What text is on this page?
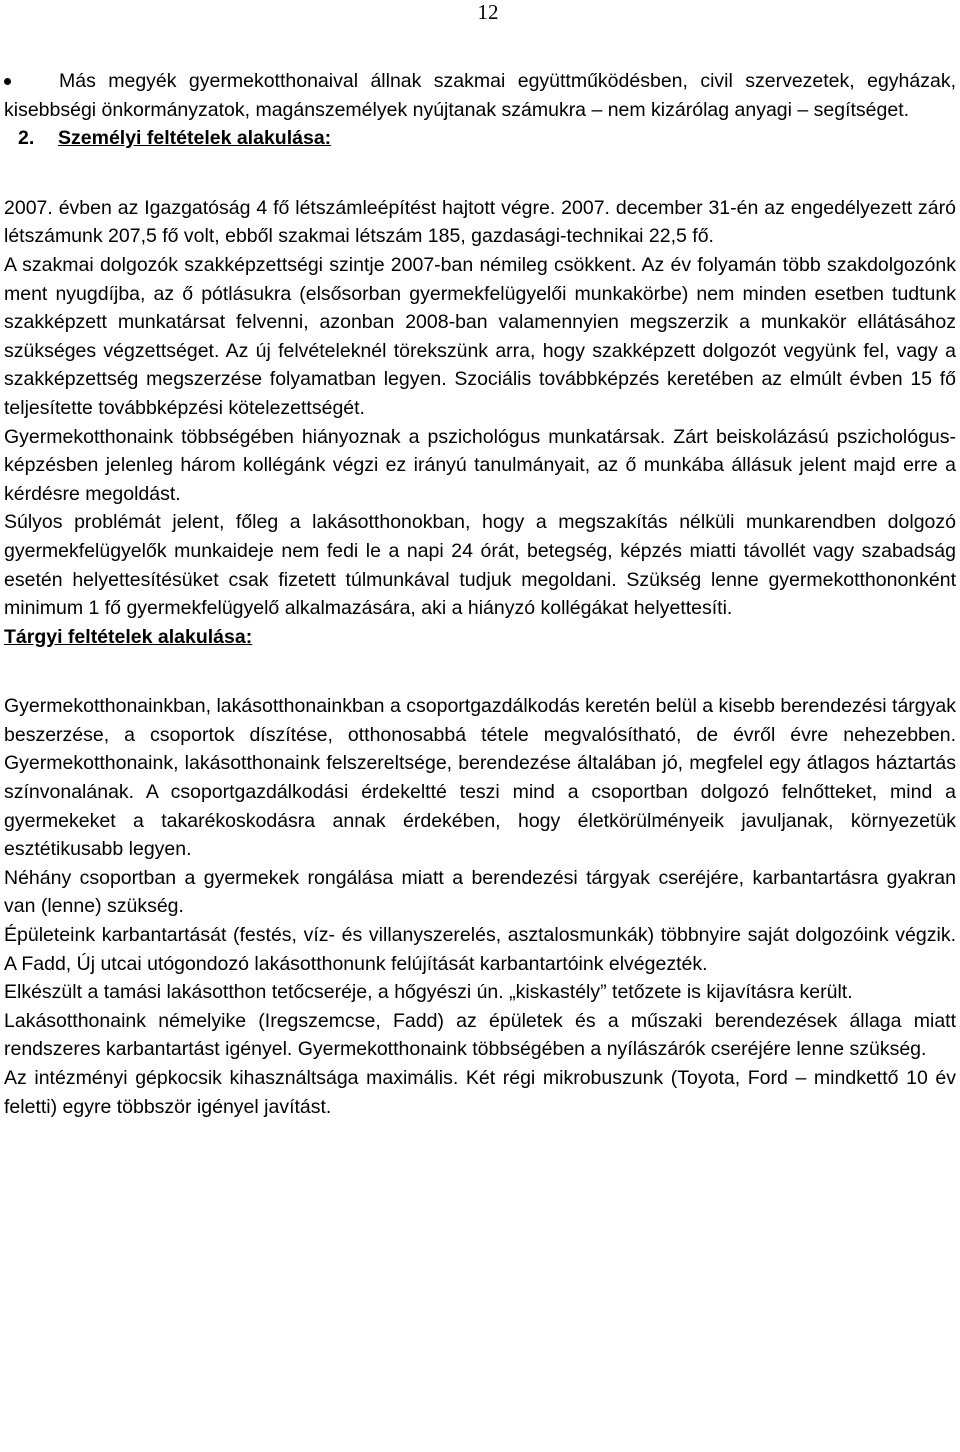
12
Más megyék gyermekotthonaival állnak szakmai együttműködésben, civil szervezetek, egyházak, kisebbségi önkormányzatok, magánszemélyek nyújtanak számukra – nem kizárólag anyagi – segítséget.

2. Személyi feltételek alakulása:

2007. évben az Igazgatóság 4 fő létszámleépítést hajtott végre. 2007. december 31-én az engedélyezett záró létszámunk 207,5 fő volt, ebből szakmai létszám 185, gazdasági-technikai 22,5 fő.

A szakmai dolgozók szakképzettségi szintje 2007-ban némileg csökkent. Az év folyamán több szakdolgozónk ment nyugdíjba, az ő pótlásukra (elsősorban gyermekfelügyelői munkakörbe) nem minden esetben tudtunk szakképzett munkatársat felvenni, azonban 2008-ban valamennyien megszerzik a munkakör ellátásához szükséges végzettséget. Az új felvételeknél törekszünk arra, hogy szakképzett dolgozót vegyünk fel, vagy a szakképzettség megszerzése folyamatban legyen. Szociális továbbképzés keretében az elmúlt évben 15 fő teljesítette továbbképzési kötelezettségét.

Gyermekotthonaink többségében hiányoznak a pszichológus munkatársak. Zárt beiskolázású pszichológus-képzésben jelenleg három kollégánk végzi ez irányú tanulmányait, az ő munkába állásuk jelent majd erre a kérdésre megoldást.

Súlyos problémát jelent, főleg a lakásotthonokban, hogy a megszakítás nélküli munkarendben dolgozó gyermekfelügyelők munkaideje nem fedi le a napi 24 órát, betegség, képzés miatti távollét vagy szabadság esetén helyettesítésüket csak fizetett túlmunkával tudjuk megoldani. Szükség lenne gyermekotthononként minimum 1 fő gyermekfelügyelő alkalmazására, aki a hiányzó kollégákat helyettesíti.

Tárgyi feltételek alakulása:

Gyermekotthonainkban, lakásotthonainkban a csoportgazdálkodás keretén belül a kisebb berendezési tárgyak beszerzése, a csoportok díszítése, otthonosabbá tétele megvalósítható, de évről évre nehezebben. Gyermekotthonaink, lakásotthonaink felszereltsége, berendezése általában jó, megfelel egy átlagos háztartás színvonalának. A csoportgazdálkodási érdekeltté teszi mind a csoportban dolgozó felnőtteket, mind a gyermekeket a takarékoskodásra annak érdekében, hogy életkörülményeik javuljanak, környezetük esztétikusabb legyen.

Néhány csoportban a gyermekek rongálása miatt a berendezési tárgyak cseréjére, karbantartásra gyakran van (lenne) szükség.

Épületeink karbantartását (festés, víz- és villanyszerelés, asztalosmunkák) többnyire saját dolgozóink végzik. A Fadd, Új utcai utógondozó lakásotthonunk felújítását karbantartóink elvégezték.

Elkészült a tamási lakásotthon tetőcseréje, a hőgyészi ún. „kiskastély” tetőzete is kijavításra került.

Lakásotthonaink némelyike (Iregszemcse, Fadd) az épületek és a műszaki berendezések állaga miatt rendszeres karbantartást igényel. Gyermekotthonaink többségében a nyílászárók cseréjére lenne szükség.

Az intézményi gépkocsik kihasználtsága maximális. Két régi mikrobuszunk (Toyota, Ford – mindkettő 10 év feletti) egyre többször igényel javítást.
